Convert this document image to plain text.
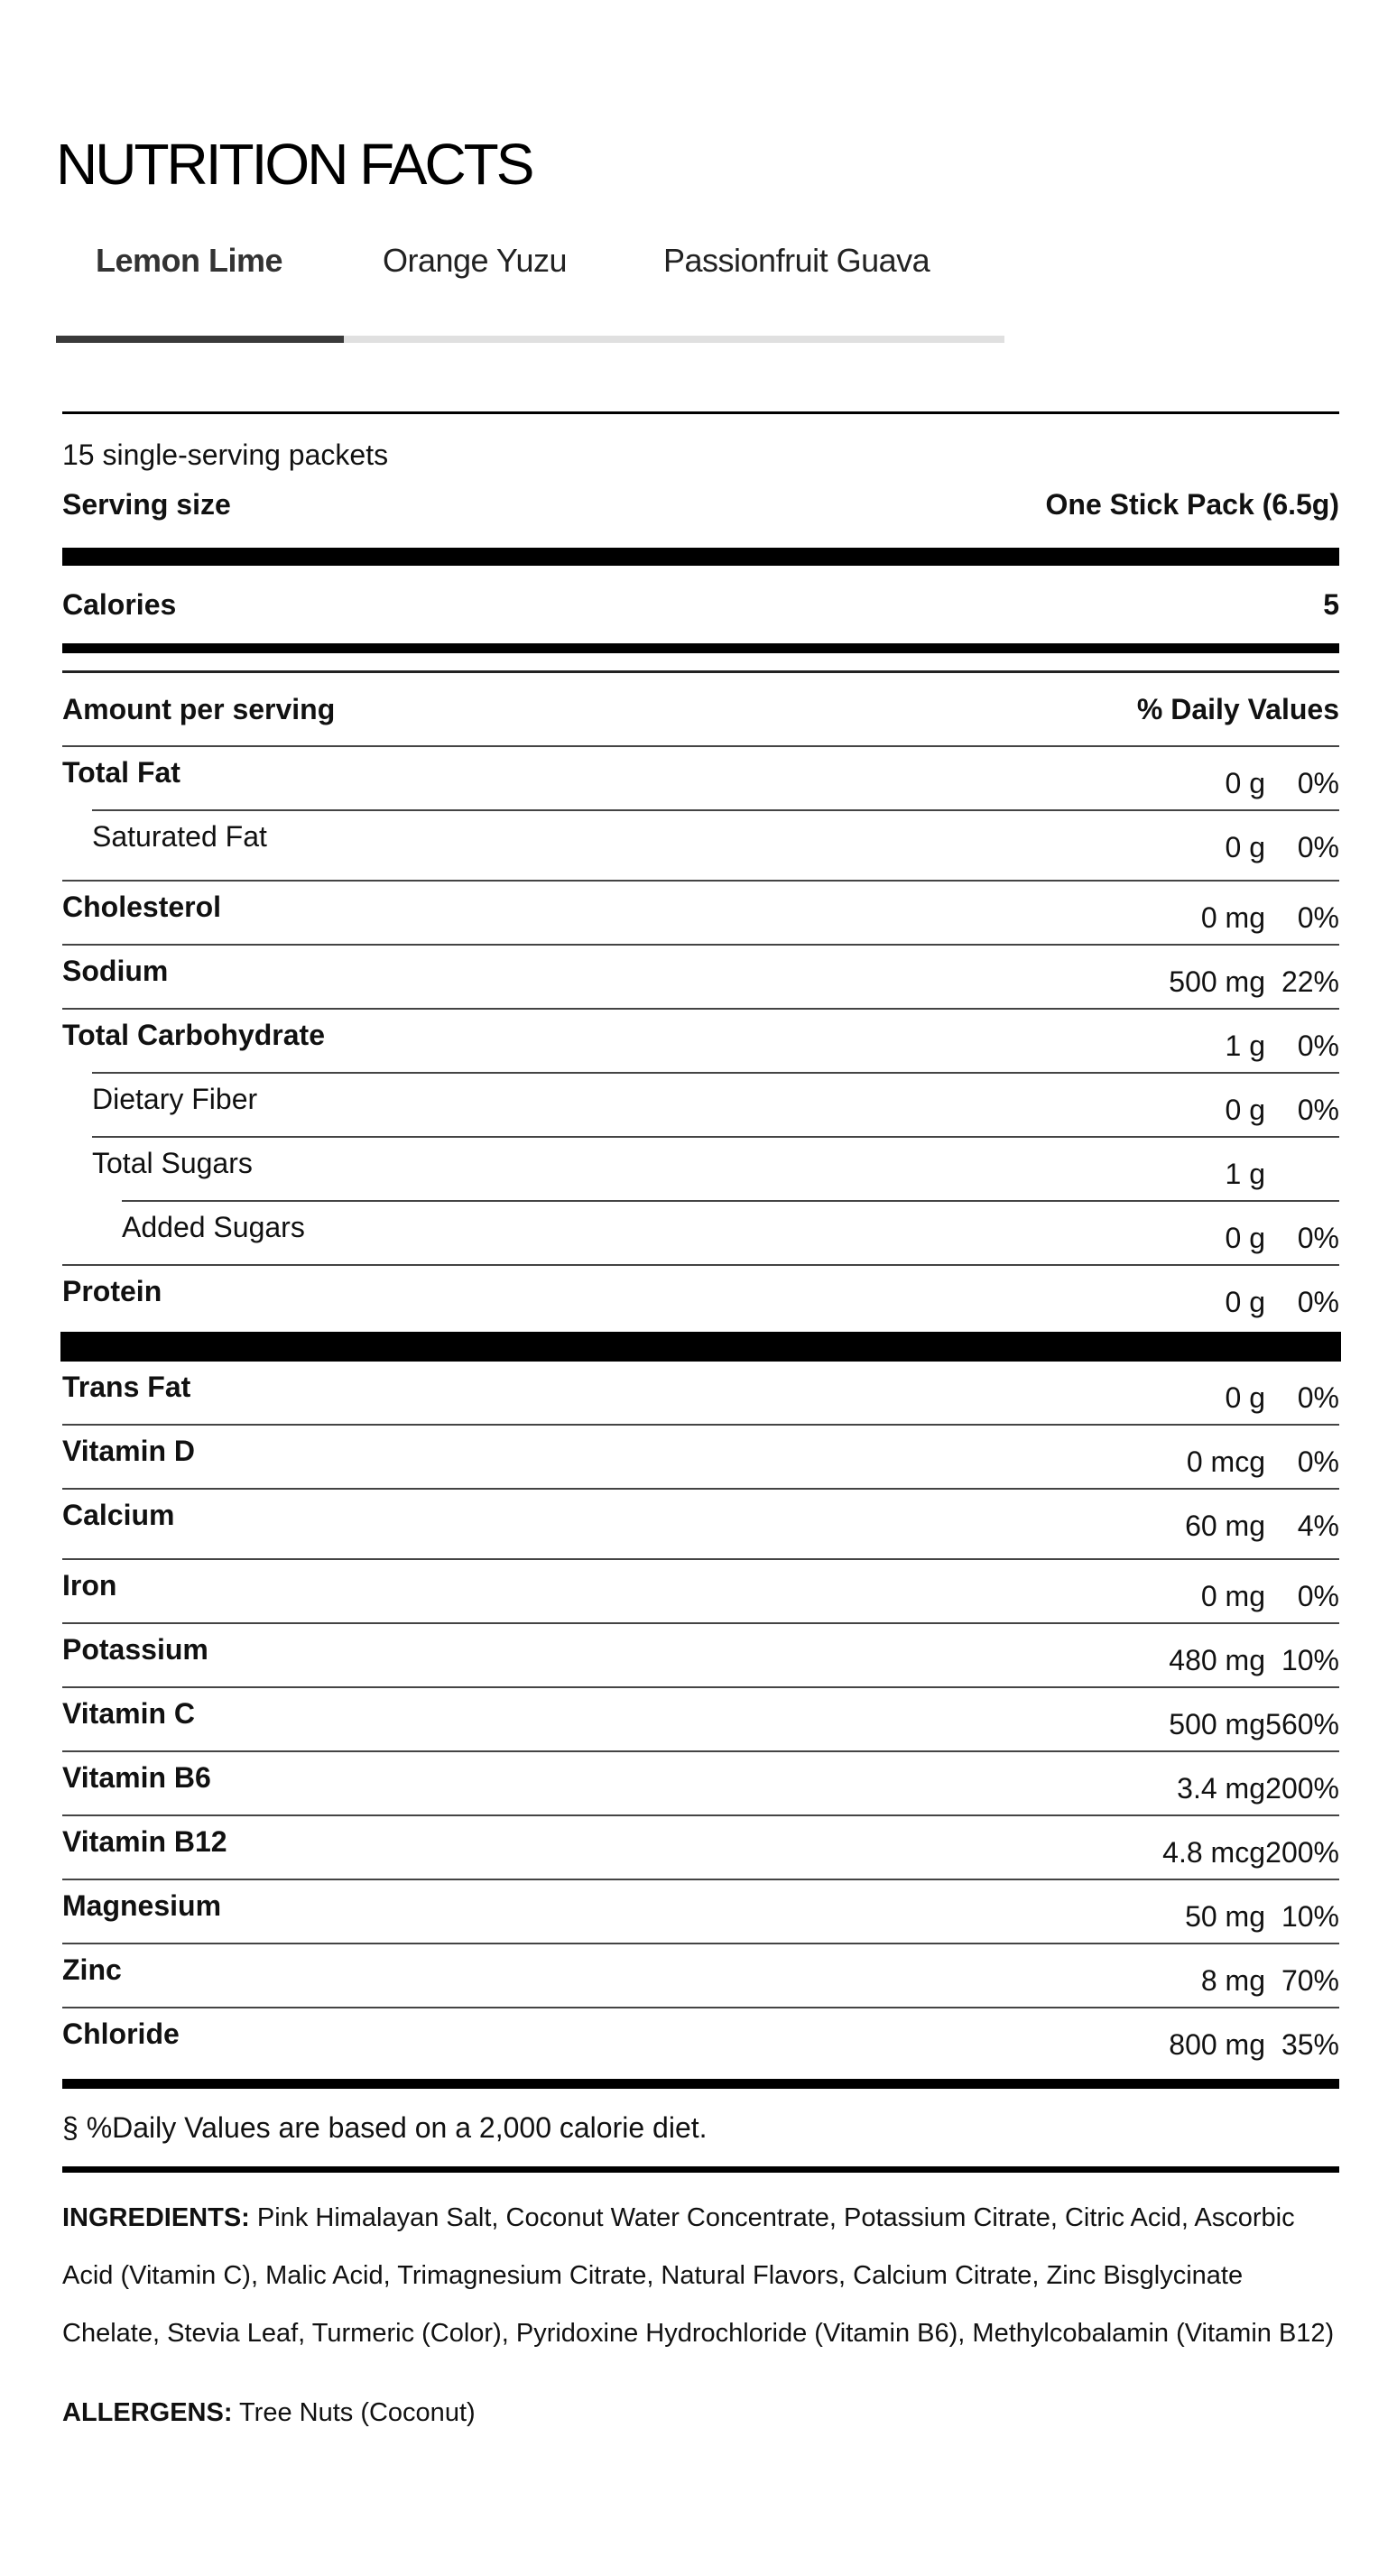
NUTRITION FACTS
Lemon Lime	Orange Yuzu	Passionfruit Guava
15 single-serving packets
Serving size	One Stick Pack (6.5g)
Calories	5
Amount per serving	% Daily Values
Total Fat	0 g	0%
Saturated Fat	0 g	0%
Cholesterol	0 mg	0%
Sodium	500 mg 22%
Total Carbohydrate	1 g	0%
Dietary Fiber	0 g	0%
Total Sugars	1 g
Added Sugars	0 g	0%
Protein	0 g	0%
Trans Fat	0 g	0%
Vitamin D	0 mcg	0%
Calcium	60 mg	4%
Iron	0 mg	0%
Potassium	480 mg 10%
Vitamin C	500 mg 560%
Vitamin B6	3.4 mg 200%
Vitamin B12	4.8 mcg 200%
Magnesium	50 mg 10%
Zinc	8 mg 70%
Chloride	800 mg 35%
§ %Daily Values are based on a 2,000 calorie diet.

INGREDIENTS: Pink Himalayan Salt, Coconut Water Concentrate, Potassium Citrate, Citric Acid, Ascorbic Acid (Vitamin C), Malic Acid, Trimagnesium Citrate, Natural Flavors, Calcium Citrate, Zinc Bisglycinate Chelate, Stevia Leaf, Turmeric (Color), Pyridoxine Hydrochloride (Vitamin B6), Methylcobalamin (Vitamin B12)

ALLERGENS: Tree Nuts (Coconut)
